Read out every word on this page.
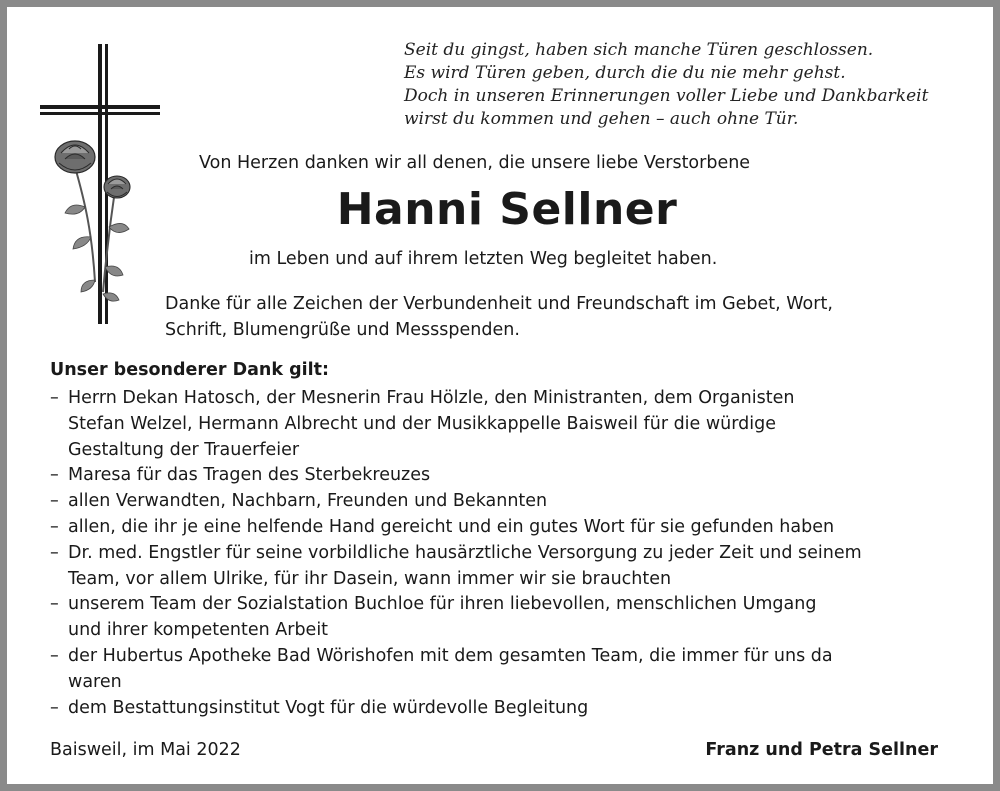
Seit du gingst, haben sich manche Türen geschlossen.
Es wird Türen geben, durch die du nie mehr gehst.
Doch in unseren Erinnerungen voller Liebe und Dankbarkeit
wirst du kommen und gehen – auch ohne Tür.
Von Herzen danken wir all denen, die unsere liebe Verstorbene
Hanni Sellner
im Leben und auf ihrem letzten Weg begleitet haben.
Danke für alle Zeichen der Verbundenheit und Freundschaft im Gebet, Wort,
Schrift, Blumengrüße und Messspenden.
Unser besonderer Dank gilt:
– Herrn Dekan Hatosch, der Mesnerin Frau Hölzle, den Ministranten, dem Organisten
Stefan Welzel, Hermann Albrecht und der Musikkappelle Baisweil für die würdige
Gestaltung der Trauerfeier
– Maresa für das Tragen des Sterbekreuzes
– allen Verwandten, Nachbarn, Freunden und Bekannten
– allen, die ihr je eine helfende Hand gereicht und ein gutes Wort für sie gefunden haben
– Dr. med. Engstler für seine vorbildliche hausärztliche Versorgung zu jeder Zeit und seinem
Team, vor allem Ulrike, für ihr Dasein, wann immer wir sie brauchten
– unserem Team der Sozialstation Buchloe für ihren liebevollen, menschlichen Umgang
und ihrer kompetenten Arbeit
– der Hubertus Apotheke Bad Wörishofen mit dem gesamten Team, die immer für uns da
waren
– dem Bestattungsinstitut Vogt für die würdevolle Begleitung
Baisweil, im Mai 2022	Franz und Petra Sellner
